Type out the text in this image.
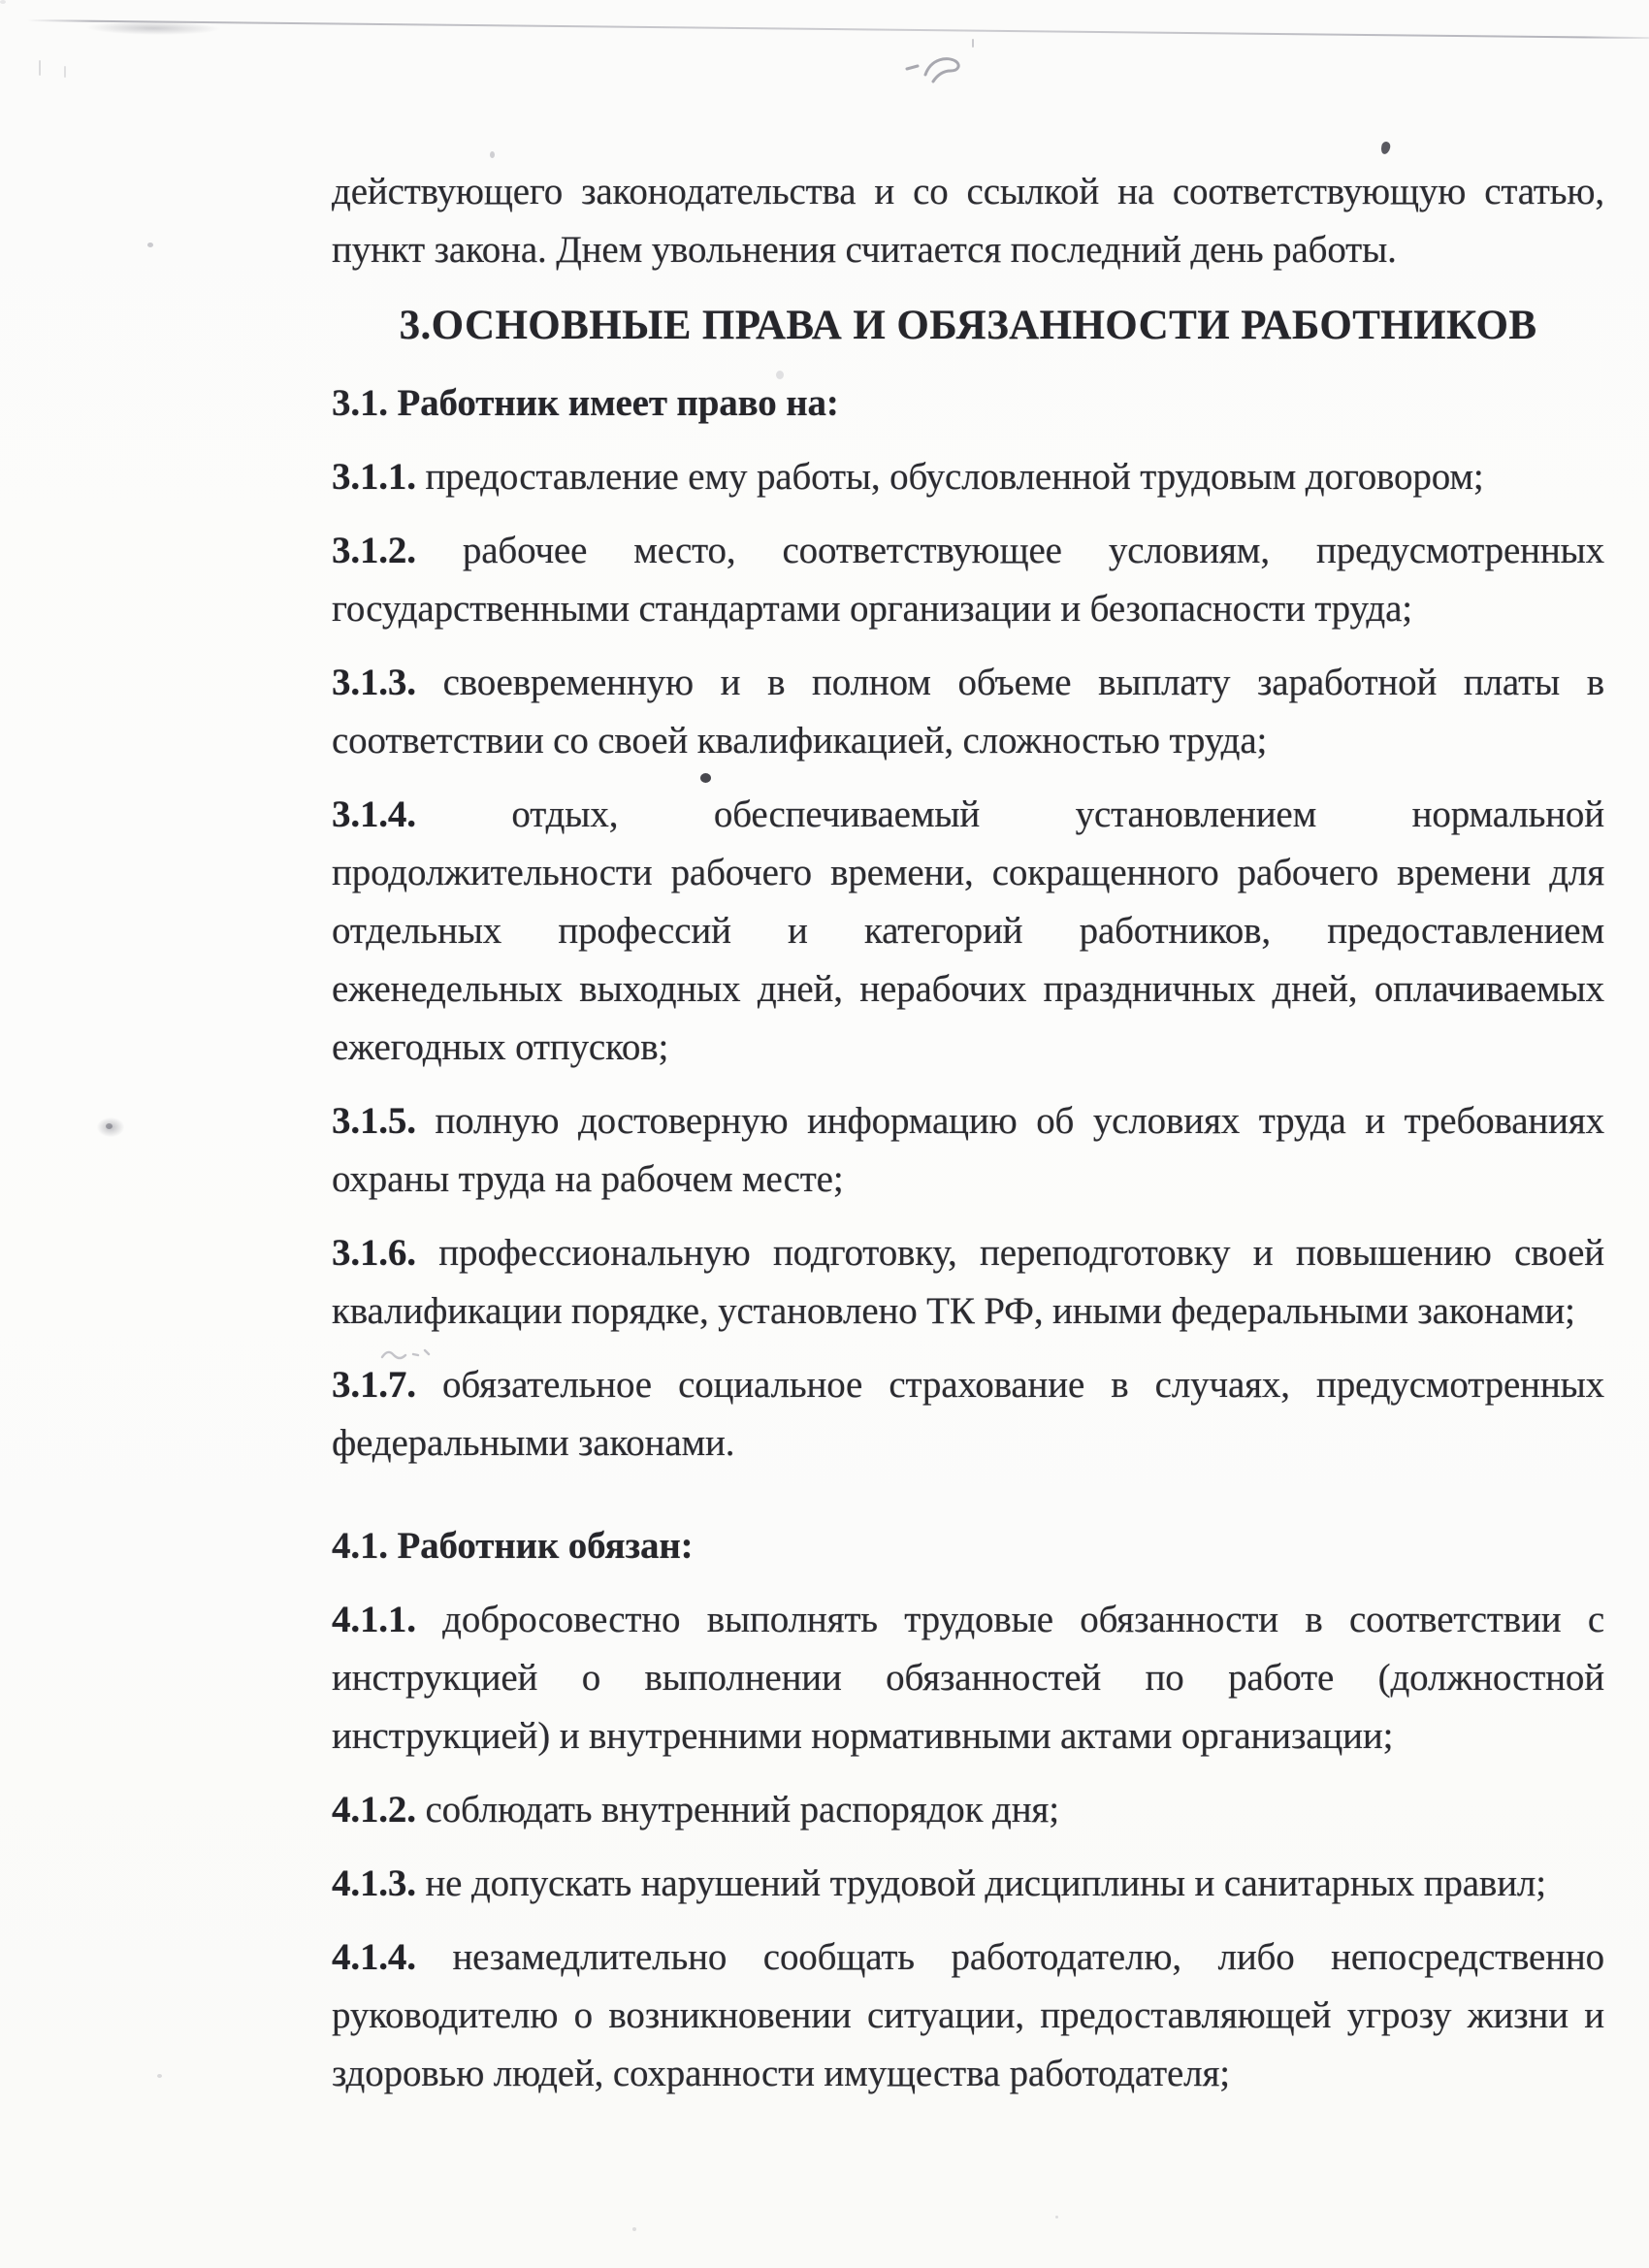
действующего законодательства и со ссылкой на соответствующую статью,
пункт закона. Днем увольнения считается последний день работы.
3.ОСНОВНЫЕ ПРАВА И ОБЯЗАННОСТИ РАБОТНИКОВ
3.1. Работник имеет право на:
3.1.1. предоставление ему работы, обусловленной трудовым договором;
3.1.2. рабочее место, соответствующее условиям, предусмотренных
государственными стандартами организации и безопасности труда;
3.1.3. своевременную и в полном объеме выплату заработной платы в
соответствии со своей квалификацией, сложностью труда;
3.1.4. отдых, обеспечиваемый установлением нормальной
продолжительности рабочего времени, сокращенного рабочего времени для
отдельных профессий и категорий работников, предоставлением
еженедельных выходных дней, нерабочих праздничных дней, оплачиваемых
ежегодных отпусков;
3.1.5. полную достоверную информацию об условиях труда и требованиях
охраны труда на рабочем месте;
3.1.6. профессиональную подготовку, переподготовку и повышению своей
квалификации порядке, установлено ТК РФ, иными федеральными законами;
3.1.7. обязательное социальное страхование в случаях, предусмотренных
федеральными законами.
4.1. Работник обязан:
4.1.1. добросовестно выполнять трудовые обязанности в соответствии с
инструкцией о выполнении обязанностей по работе (должностной
инструкцией) и внутренними нормативными актами организации;
4.1.2. соблюдать внутренний распорядок дня;
4.1.3. не допускать нарушений трудовой дисциплины и санитарных правил;
4.1.4. незамедлительно сообщать работодателю, либо непосредственно
руководителю о возникновении ситуации, предоставляющей угрозу жизни и
здоровью людей, сохранности имущества работодателя;
